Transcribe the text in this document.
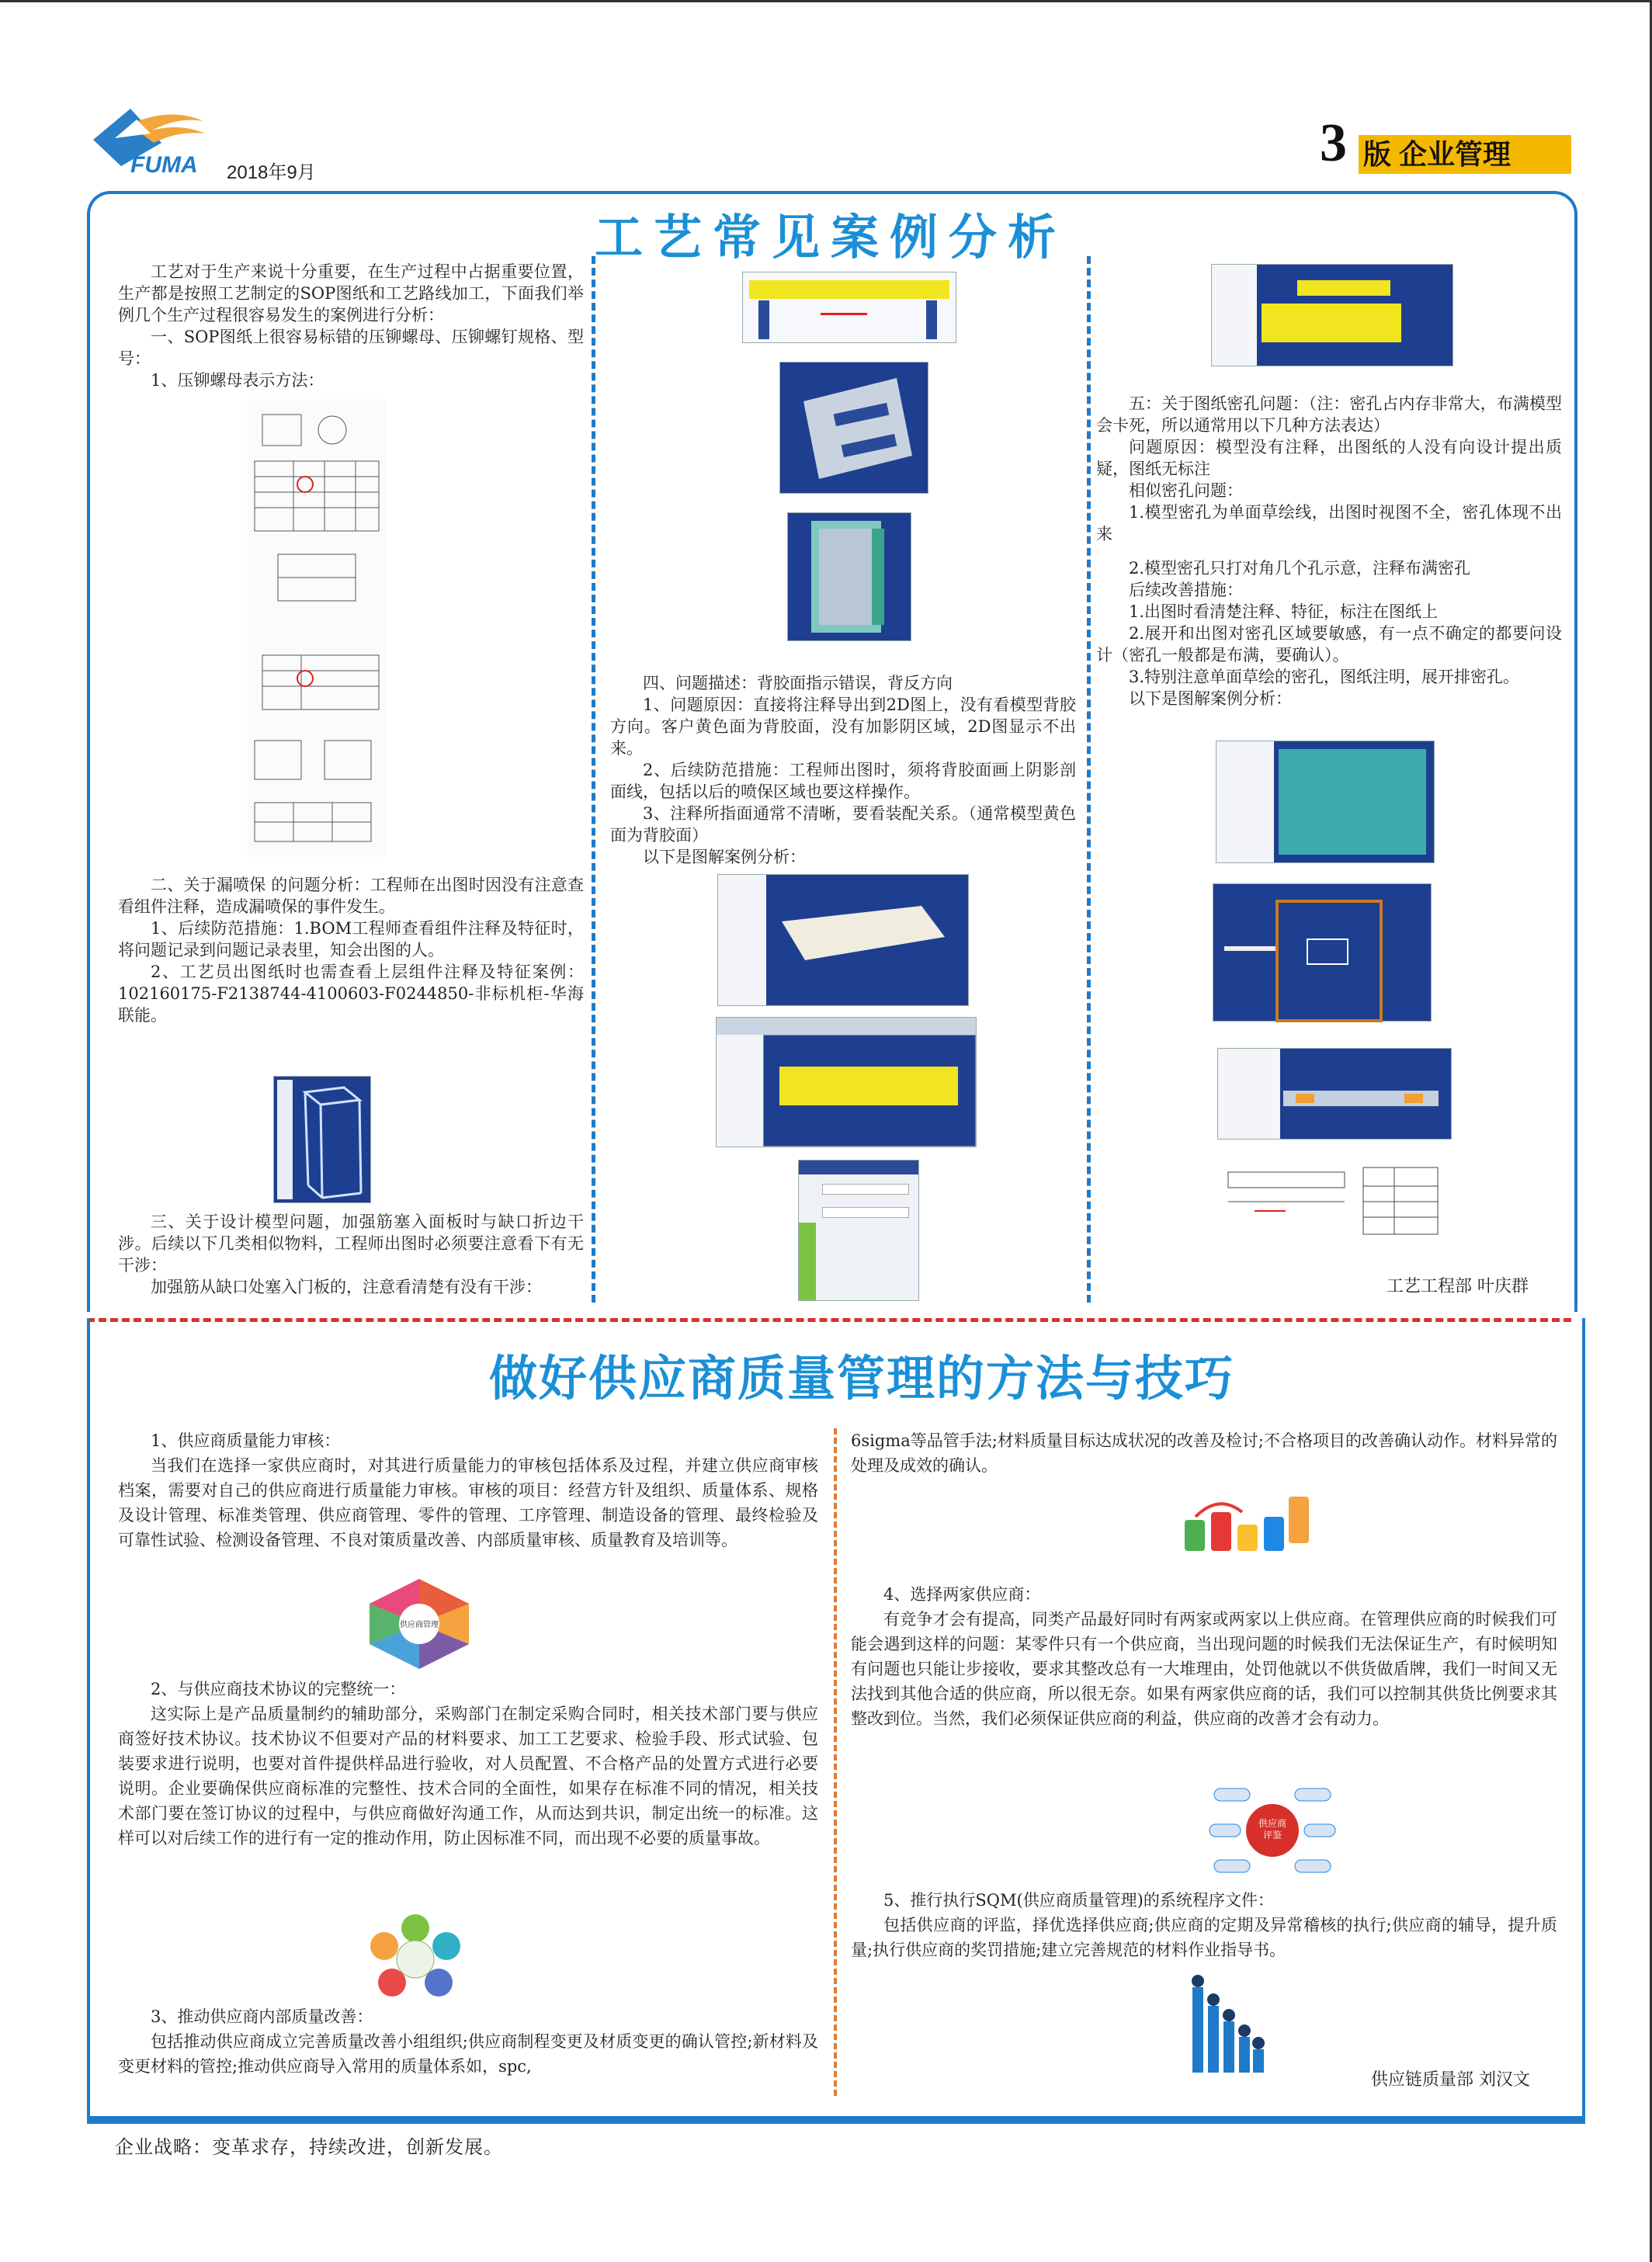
FUMA 2018年9月	3 版 企业管理
工艺常见案例分析

工艺对于生产来说十分重要，在生产过程中占据重要位置，生产都是按照工艺制定的SOP图纸和工艺路线加工，下面我们举例几个生产过程很容易发生的案例进行分析：

一、SOP图纸上很容易标错的压铆螺母、压铆螺钉规格、型号：

1、压铆螺母表示方法：

二、关于漏喷保 的问题分析：工程师在出图时因没有注意查看组件注释，造成漏喷保的事件发生。

1、后续防范措施：1.BOM工程师查看组件注释及特征时，将问题记录到问题记录表里，知会出图的人。

2、工艺员出图纸时也需查看上层组件注释及特征案例：102160175-F2138744-4100603-F0244850-非标机柜-华海联能。

三、关于设计模型问题，加强筋塞入面板时与缺口折边干涉。后续以下几类相似物料，工程师出图时必须要注意看下有无干涉：

加强筋从缺口处塞入门板的，注意看清楚有没有干涉：

四、问题描述：背胶面指示错误，背反方向

1、问题原因：直接将注释导出到2D图上，没有看模型背胶方向。客户黄色面为背胶面，没有加影阴区域，2D图显示不出来。

2、后续防范措施：工程师出图时，须将背胶面画上阴影剖面线，包括以后的喷保区域也要这样操作。

3、注释所指面通常不清晰，要看装配关系。（通常模型黄色面为背胶面）

以下是图解案例分析：

五：关于图纸密孔问题：（注：密孔占内存非常大，布满模型会卡死，所以通常用以下几种方法表达）

问题原因：模型没有注释，出图纸的人没有向设计提出质疑，图纸无标注

相似密孔问题：

1.模型密孔为单面草绘线，出图时视图不全，密孔体现不出来

2.模型密孔只打对角几个孔示意，注释布满密孔

后续改善措施：

1.出图时看清楚注释、特征，标注在图纸上

2.展开和出图对密孔区域要敏感，有一点不确定的都要问设计（密孔一般都是布满，要确认）。

3.特别注意单面草绘的密孔，图纸注明，展开排密孔。

以下是图解案例分析：

工艺工程部 叶庆群
做好供应商质量管理的方法与技巧

1、供应商质量能力审核：

当我们在选择一家供应商时，对其进行质量能力的审核包括体系及过程，并建立供应商审核档案，需要对自己的供应商进行质量能力审核。审核的项目：经营方针及组织、质量体系、规格及设计管理、标准类管理、供应商管理、零件的管理、工序管理、制造设备的管理、最终检验及可靠性试验、检测设备管理、不良对策质量改善、内部质量审核、质量教育及培训等。

供应商管理

2、与供应商技术协议的完整统一：

这实际上是产品质量制约的辅助部分，采购部门在制定采购合同时，相关技术部门要与供应商签好技术协议。技术协议不但要对产品的材料要求、加工工艺要求、检验手段、形式试验、包装要求进行说明，也要对首件提供样品进行验收，对人员配置、不合格产品的处置方式进行必要说明。企业要确保供应商标准的完整性、技术合同的全面性，如果存在标准不同的情况，相关技术部门要在签订协议的过程中，与供应商做好沟通工作，从而达到共识，制定出统一的标准。这样可以对后续工作的进行有一定的推动作用，防止因标准不同，而出现不必要的质量事故。

3、推动供应商内部质量改善：

包括推动供应商成立完善质量改善小组组织;供应商制程变更及材质变更的确认管控;新材料及变更材料的管控;推动供应商导入常用的质量体系如，spc,

6sigma等品管手法;材料质量目标达成状况的改善及检讨;不合格项目的改善确认动作。材料异常的处理及成效的确认。

4、选择两家供应商：

有竞争才会有提高，同类产品最好同时有两家或两家以上供应商。在管理供应商的时候我们可能会遇到这样的问题：某零件只有一个供应商，当出现问题的时候我们无法保证生产，有时候明知有问题也只能让步接收，要求其整改总有一大堆理由，处罚他就以不供货做盾牌，我们一时间又无法找到其他合适的供应商，所以很无奈。如果有两家供应商的话，我们可以控制其供货比例要求其整改到位。当然，我们必须保证供应商的利益，供应商的改善才会有动力。

供应商
评鉴

5、推行执行SQM(供应商质量管理)的系统程序文件：

包括供应商的评监，择优选择供应商;供应商的定期及异常稽核的执行;供应商的辅导，提升质量;执行供应商的奖罚措施;建立完善规范的材料作业指导书。

供应链质量部 刘汉文
企业战略：变革求存，持续改进，创新发展。
